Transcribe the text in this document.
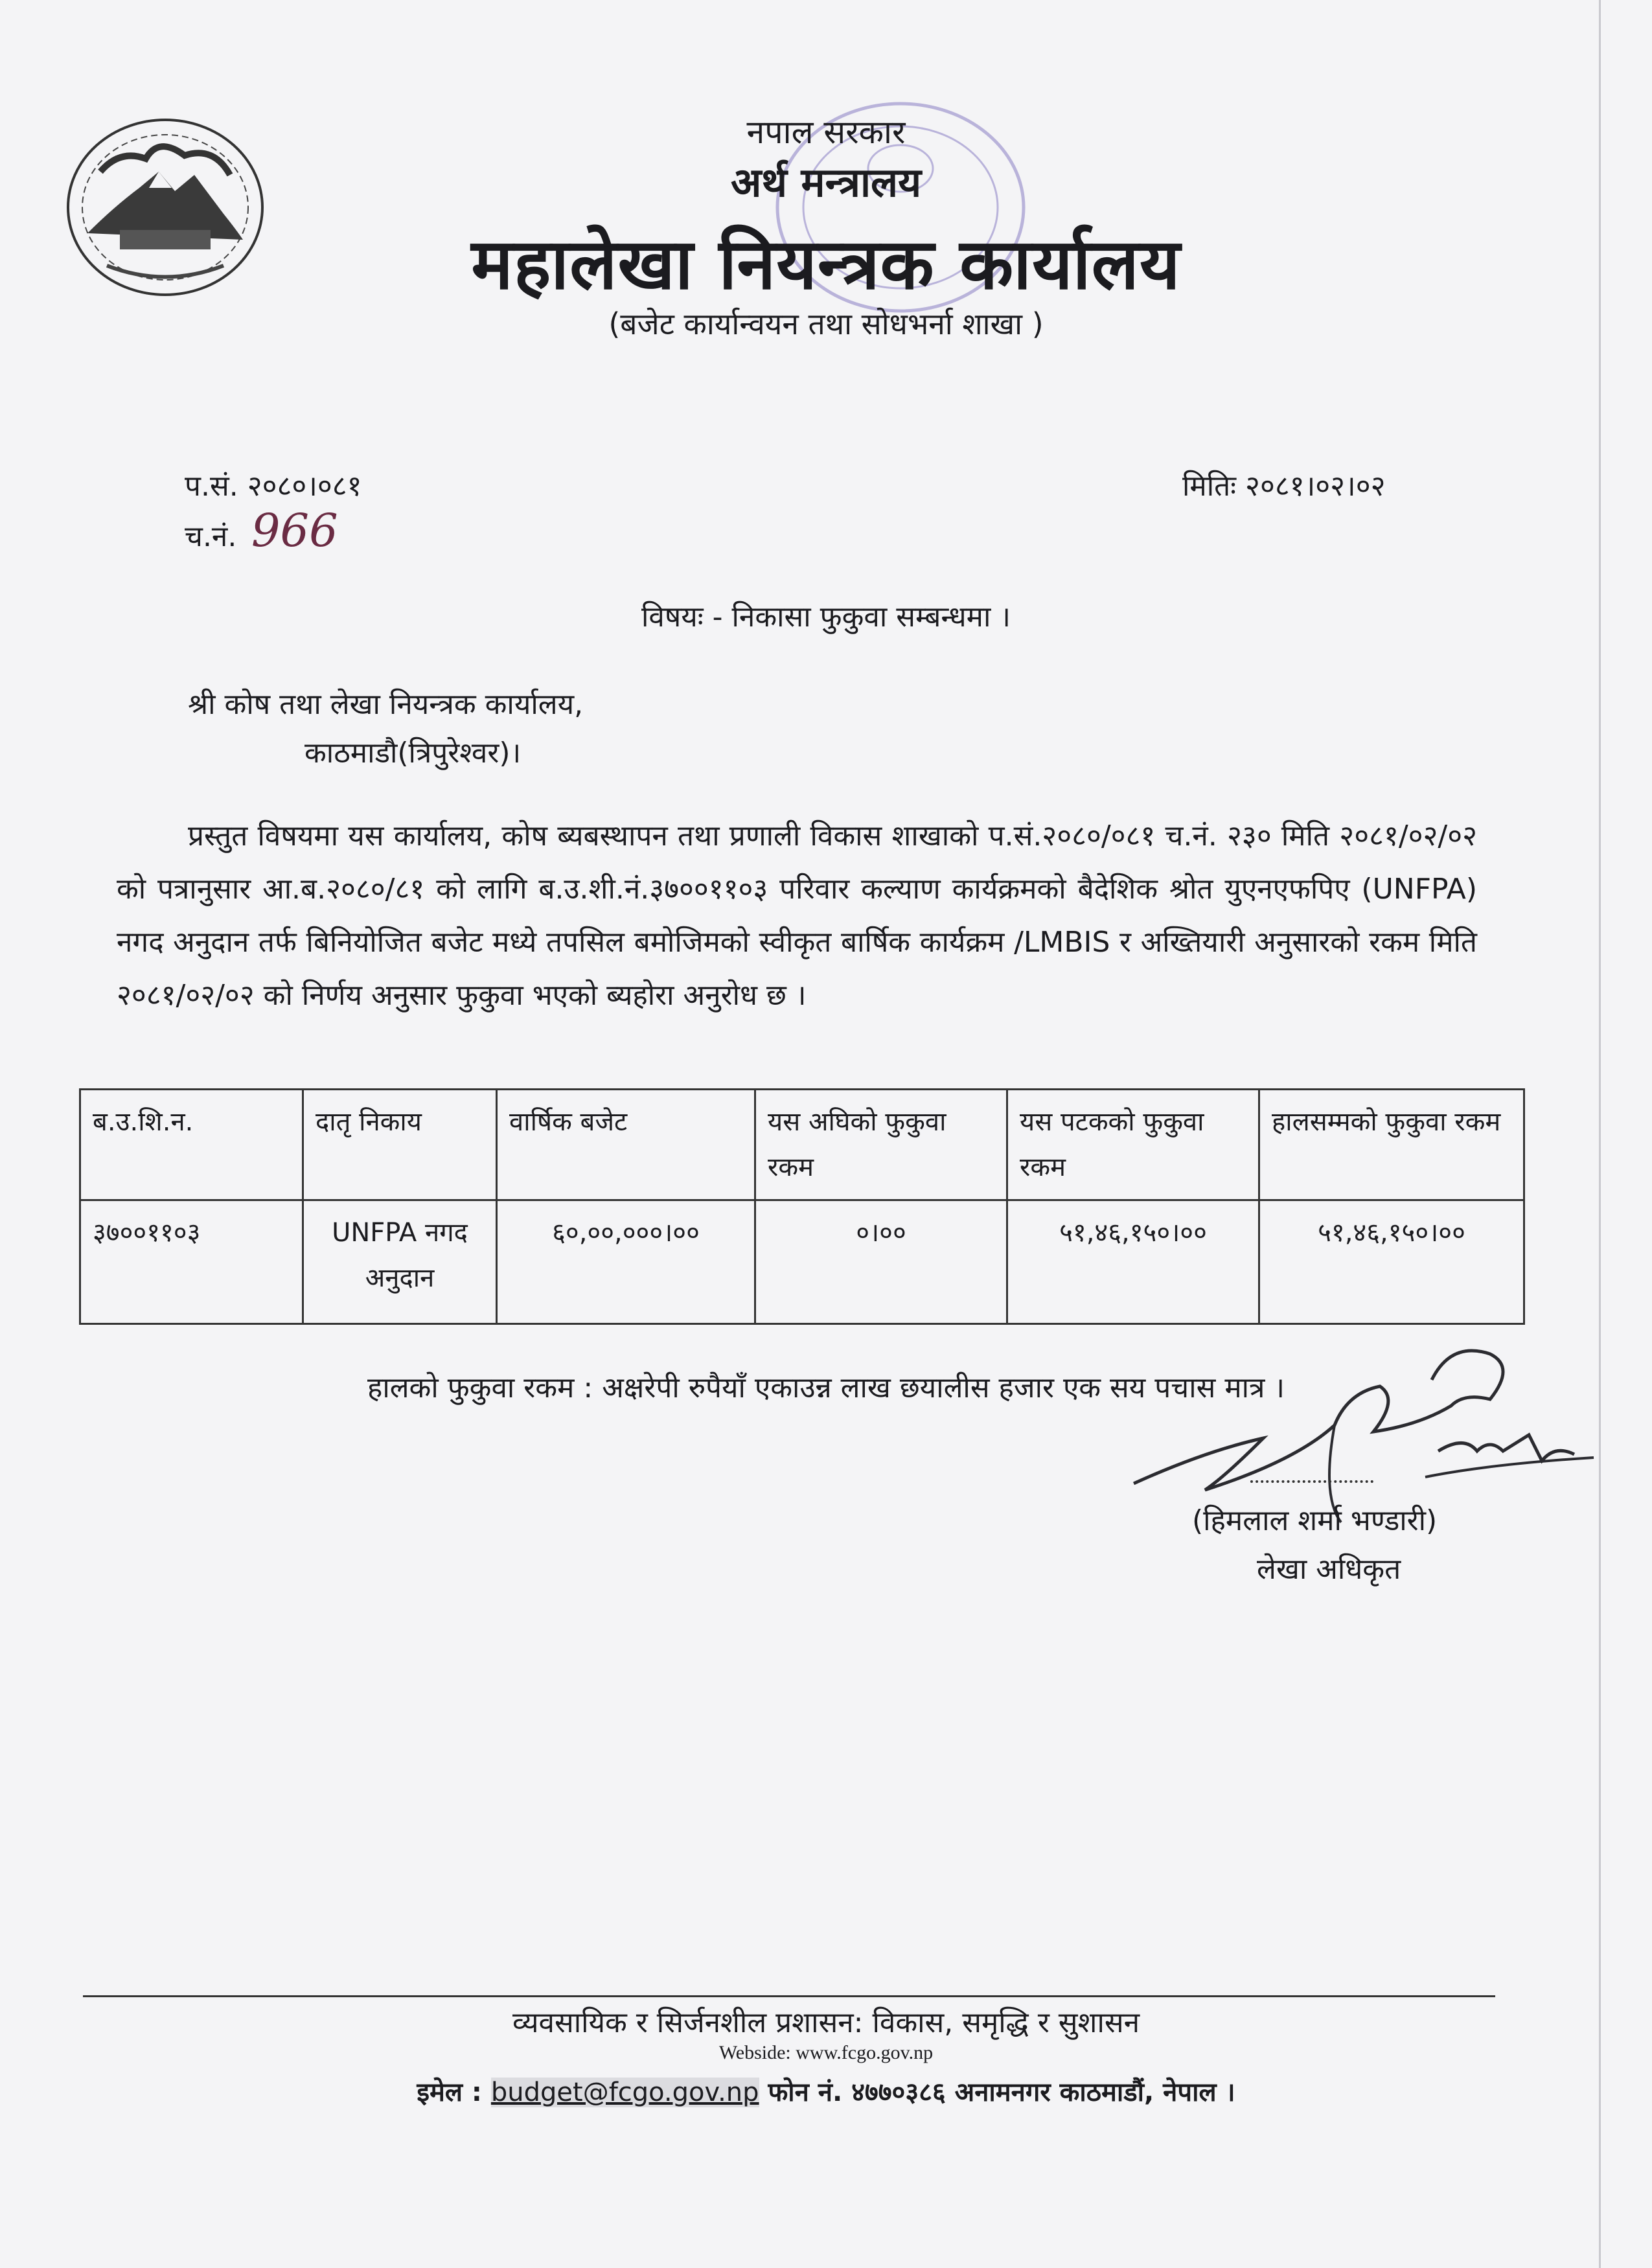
नपाल सरकार
अर्थ मन्त्रालय
महालेखा नियन्त्रक कार्यालय
(बजेट कार्यान्वयन तथा सोधभर्ना शाखा )
प.सं. २०८०।०८१
च.नं. 966
मितिः २०८१।०२।०२
विषयः - निकासा फुकुवा सम्बन्धमा ।
श्री कोष तथा लेखा नियन्त्रक कार्यालय,
काठमाडौ(त्रिपुरेश्वर)।
प्रस्तुत विषयमा यस कार्यालय, कोष ब्यबस्थापन तथा प्रणाली विकास शाखाको प.सं.२०८०/०८१ च.नं. २३० मिति २०८१/०२/०२ को पत्रानुसार आ.ब.२०८०/८१ को लागि ब.उ.शी.नं.३७००११०३ परिवार कल्याण कार्यक्रमको बैदेशिक श्रोत युएनएफपिए (UNFPA) नगद अनुदान तर्फ बिनियोजित बजेट मध्ये तपसिल बमोजिमको स्वीकृत बार्षिक कार्यक्रम /LMBIS र अख्तियारी अनुसारको रकम मिति २०८१/०२/०२ को निर्णय अनुसार फुकुवा भएको ब्यहोरा अनुरोध छ ।
ब.उ.शि.न.	दातृ निकाय	वार्षिक बजेट	यस अघिको फुकुवा रकम	यस पटकको फुकुवा रकम	हालसम्मको फुकुवा रकम
३७००११०३	UNFPA नगद अनुदान	६०,००,०००।००	०।००	५१,४६,१५०।००	५१,४६,१५०।००
हालको फुकुवा रकम : अक्षरेपी रुपैयाँ एकाउन्न लाख छयालीस हजार एक सय पचास मात्र ।
(हिमलाल शर्मा भण्डारी)
लेखा अधिकृत
व्यवसायिक र सिर्जनशील प्रशासन: विकास, समृद्धि र सुशासन
Webside: www.fcgo.gov.np
इमेल : budget@fcgo.gov.np फोन नं. ४७७०३८६ अनामनगर काठमाडौं, नेपाल ।
